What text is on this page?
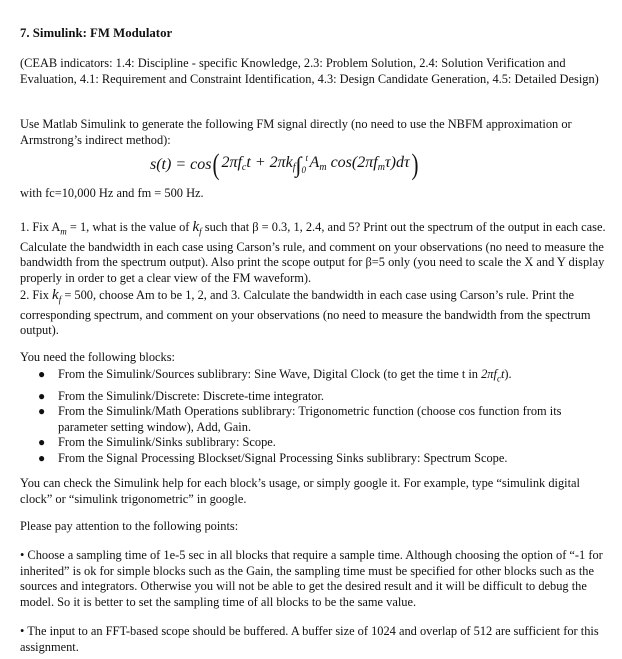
7. Simulink: FM Modulator

(CEAB indicators: 1.4: Discipline - specific Knowledge, 2.3: Problem Solution, 2.4: Solution Verification and Evaluation, 4.1: Requirement and Constraint Identification, 4.3: Design Candidate Generation, 4.5: Detailed Design)

Use Matlab Simulink to generate the following FM signal directly (no need to use the NBFM approximation or Armstrong’s indirect method):

s(t) = cos ( $2\pi f_ct + 2\pi k_f$ ∫ t
0 $A_m$ $\cos(2\pi f_m\tau)d\tau$ )

with fc=10,000 Hz and fm = 500 Hz.

1. Fix $A_m = 1$, what is the value of $k_f$ such that β = 0.3, 1, 2.4, and 5? Print out the spectrum of the output in each case. Calculate the bandwidth in each case using Carson’s rule, and comment on your observations (no need to measure the bandwidth from the spectrum output). Also print the scope output for β=5 only (you need to scale the X and Y display properly in order to get a clear view of the FM waveform).

2. Fix $k_f = 500$, choose Am to be 1, 2, and 3. Calculate the bandwidth in each case using Carson’s rule. Print the corresponding spectrum, and comment on your observations (no need to measure the bandwidth from the spectrum output).

You need the following blocks:

● From the Simulink/Sources sublibrary: Sine Wave, Digital Clock (to get the time t in $2\pi f_ct$).
● From the Simulink/Discrete: Discrete-time integrator.
● From the Simulink/Math Operations sublibrary: Trigonometric function (choose cos function from its parameter setting window), Add, Gain.
● From the Simulink/Sinks sublibrary: Scope.
● From the Signal Processing Blockset/Signal Processing Sinks sublibrary: Spectrum Scope.

You can check the Simulink help for each block’s usage, or simply google it. For example, type “simulink digital clock” or “simulink trigonometric” in google.

Please pay attention to the following points:

• Choose a sampling time of 1e-5 sec in all blocks that require a sample time. Although choosing the option of “-1 for inherited” is ok for simple blocks such as the Gain, the sampling time must be specified for other blocks such as the sources and integrators. Otherwise you will not be able to get the desired result and it will be difficult to debug the model. So it is better to set the sampling time of all blocks to be the same value.

• The input to an FFT-based scope should be buffered. A buffer size of 1024 and overlap of 512 are sufficient for this assignment.
